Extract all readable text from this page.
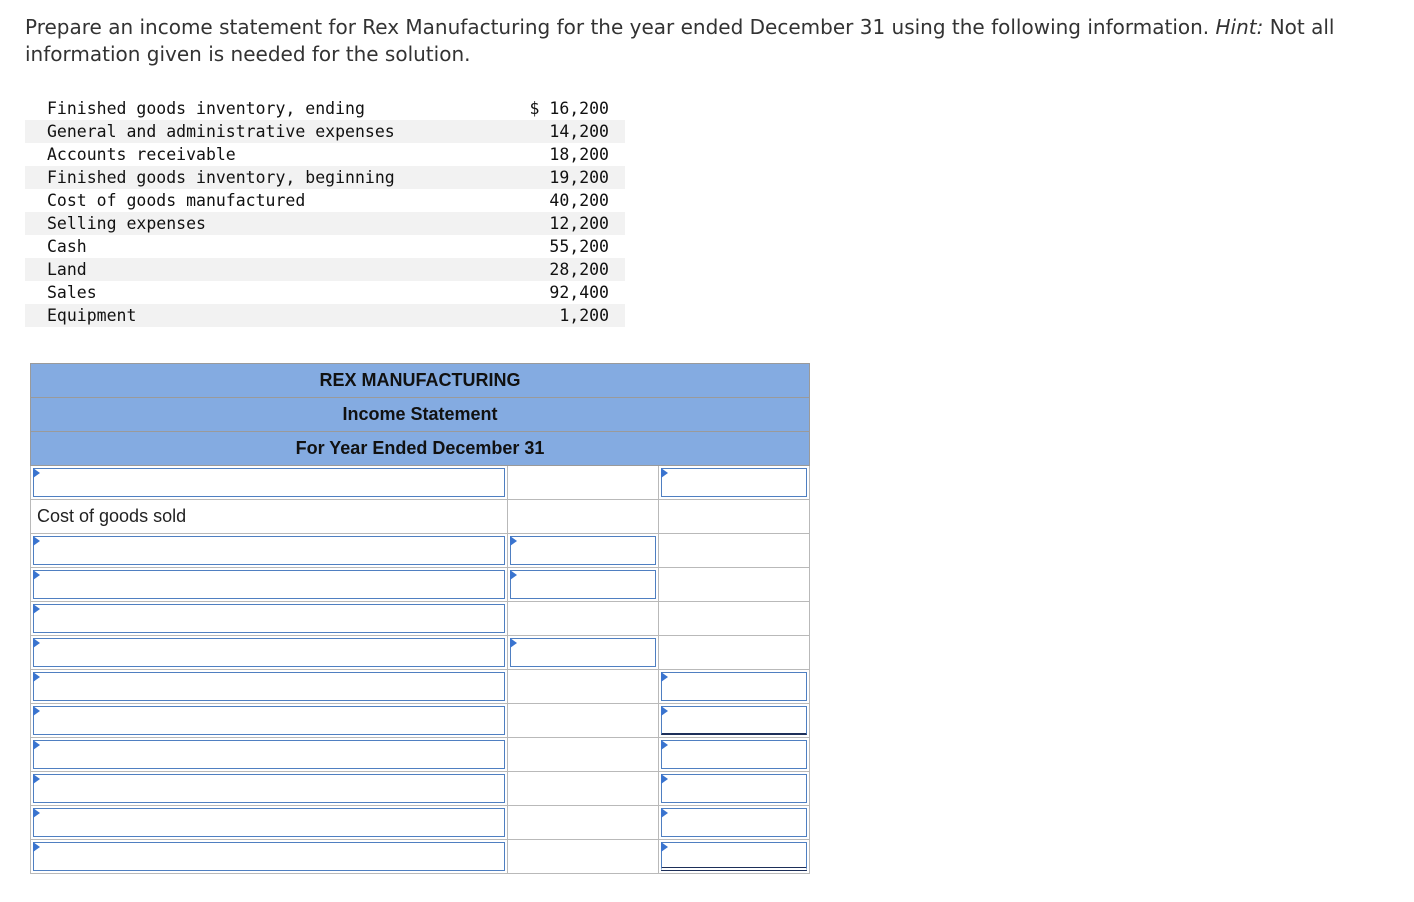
Prepare an income statement for Rex Manufacturing for the year ended December 31 using the following information. Hint: Not all information given is needed for the solution.
Finished goods inventory, ending	$ 16,200
General and administrative expenses	14,200
Accounts receivable	18,200
Finished goods inventory, beginning	19,200
Cost of goods manufactured	40,200
Selling expenses	12,200
Cash	55,200
Land	28,200
Sales	92,400
Equipment	1,200
REX MANUFACTURING		
Income Statement		
For Year Ended December 31		

Cost of goods sold		
